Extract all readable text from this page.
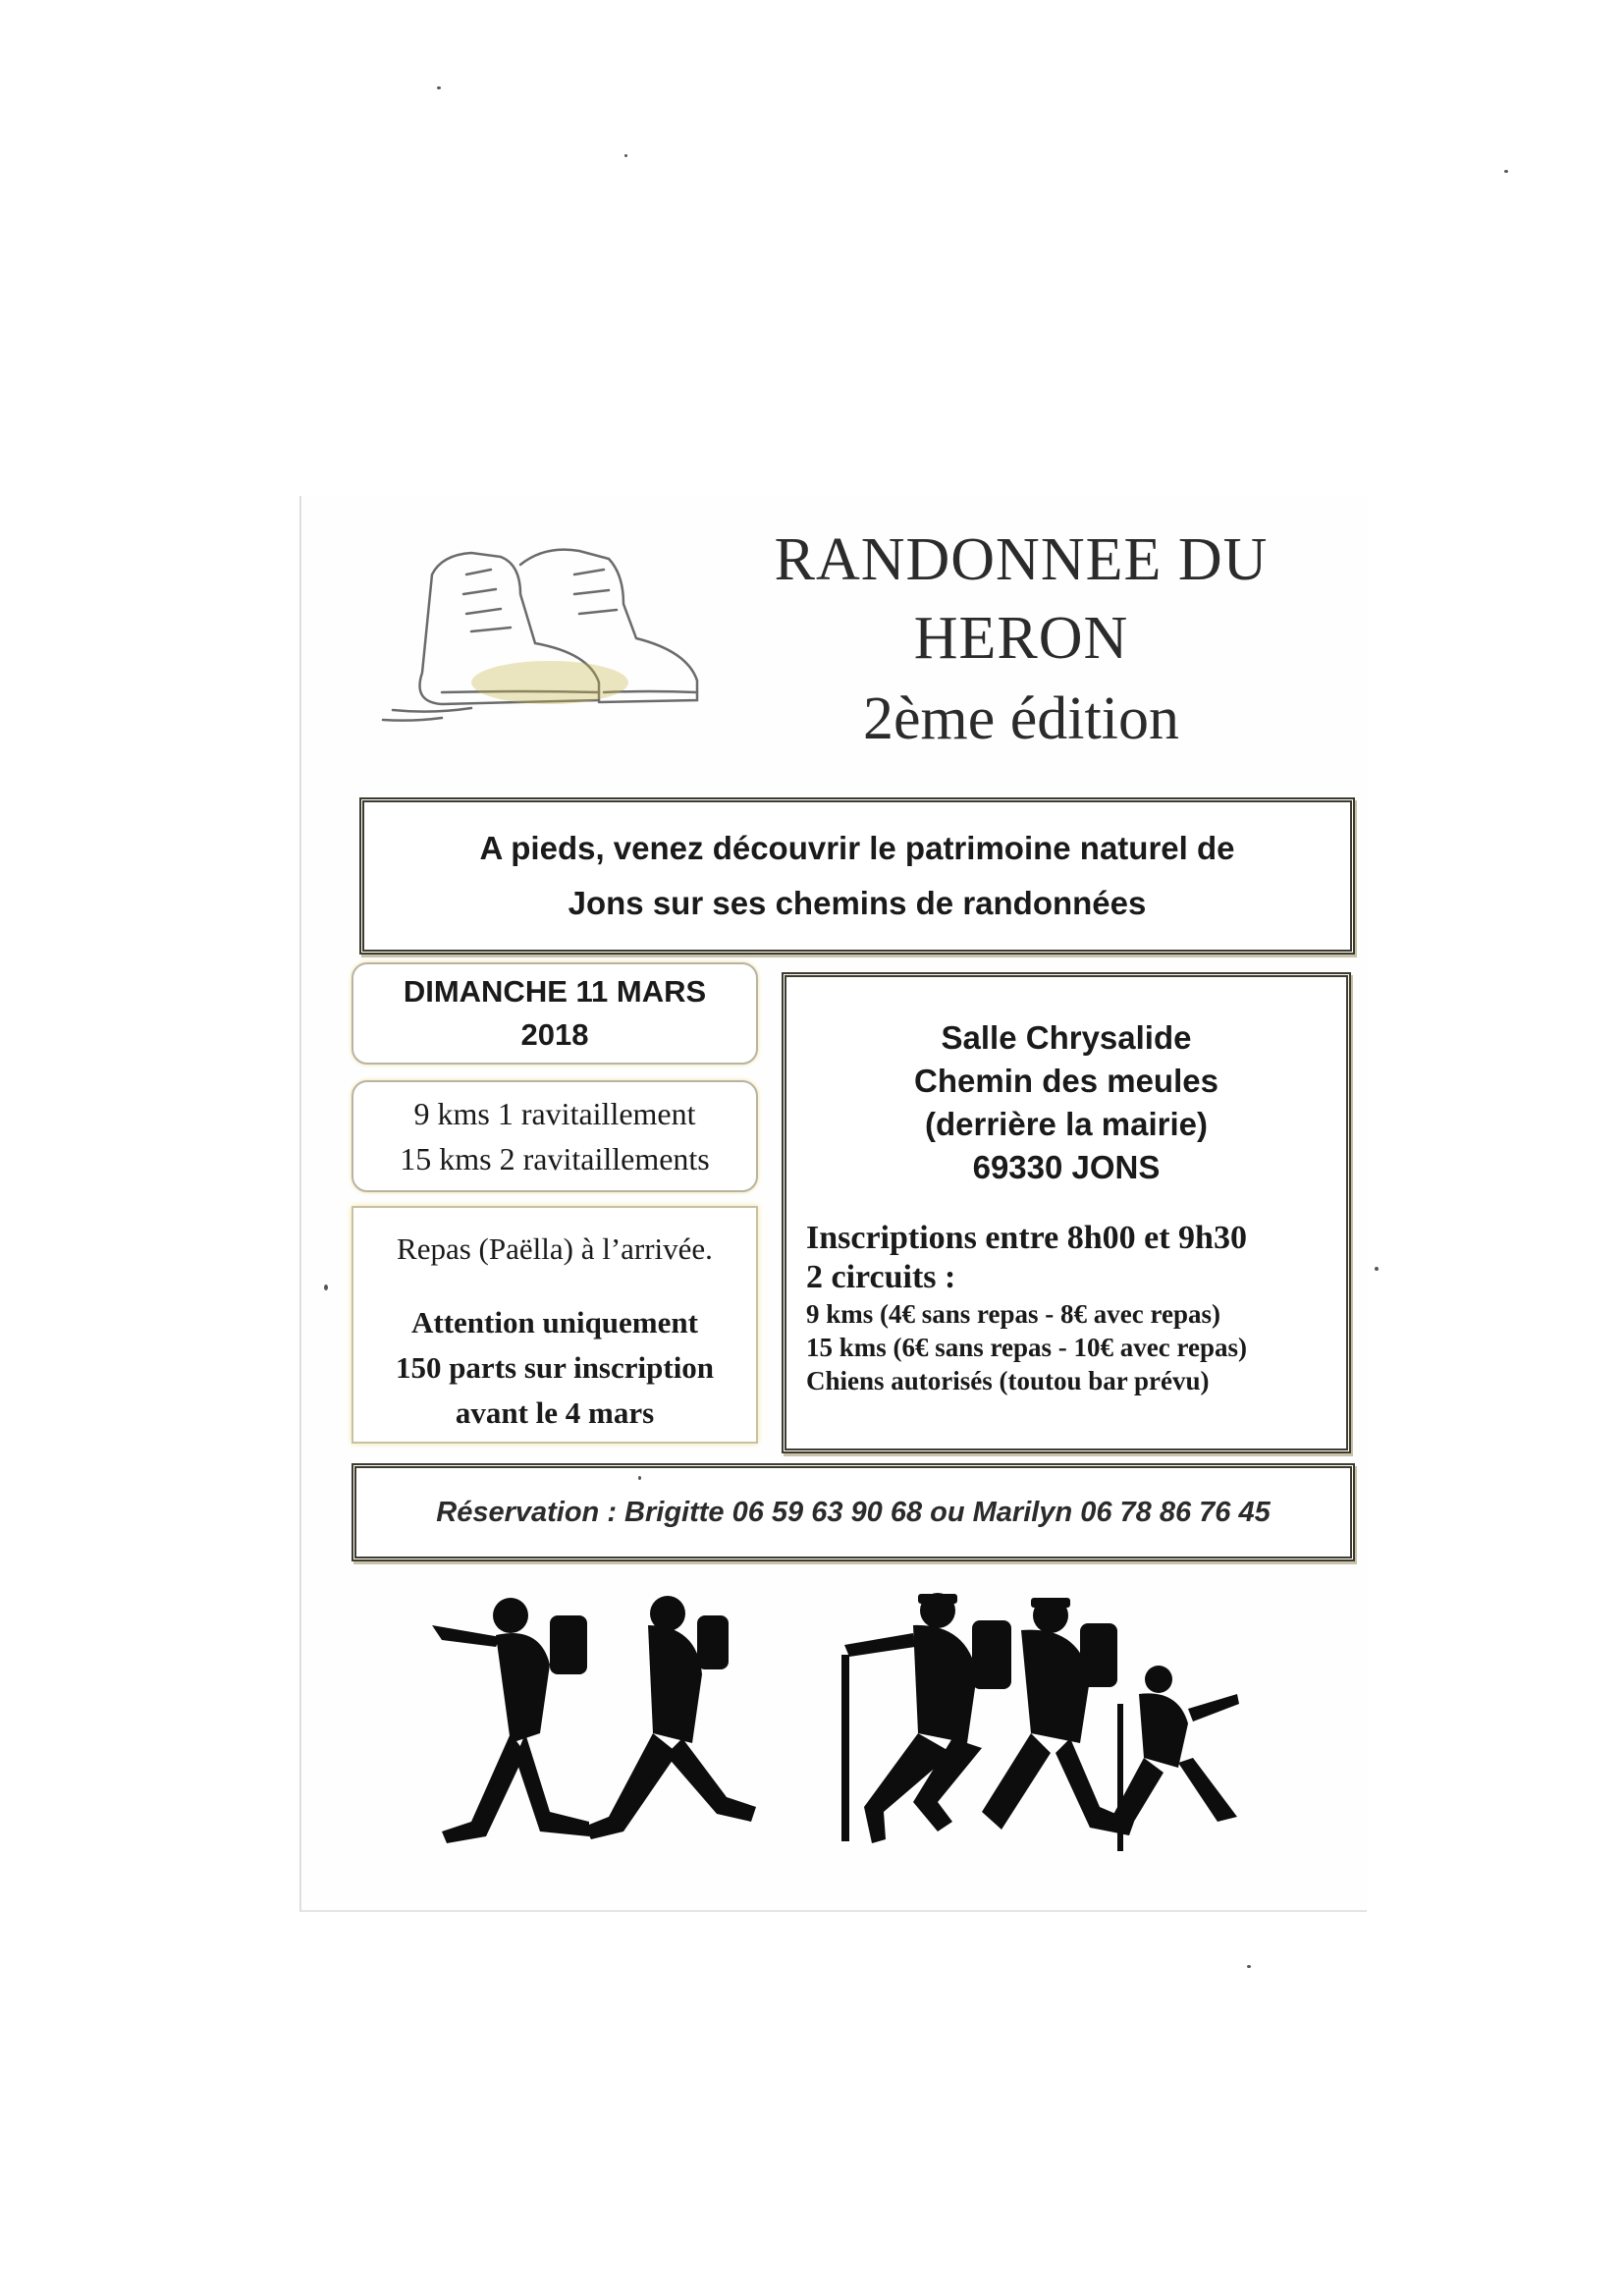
RANDONNEE DU
HERON
2ème édition
A pieds, venez découvrir le patrimoine naturel de
Jons sur ses chemins de randonnées
DIMANCHE 11 MARS
2018
9 kms 1 ravitaillement
15 kms 2 ravitaillements
Repas (Paëlla) à l’arrivée.
Attention uniquement
150 parts sur inscription
avant le 4 mars
Salle Chrysalide
Chemin des meules
(derrière la mairie)
69330 JONS
Inscriptions entre 8h00 et 9h30
2 circuits :
9 kms (4€ sans repas - 8€ avec repas)
15 kms (6€ sans repas - 10€ avec repas)
Chiens autorisés (toutou bar prévu)
Réservation : Brigitte 06 59 63 90 68 ou Marilyn 06 78 86 76 45
